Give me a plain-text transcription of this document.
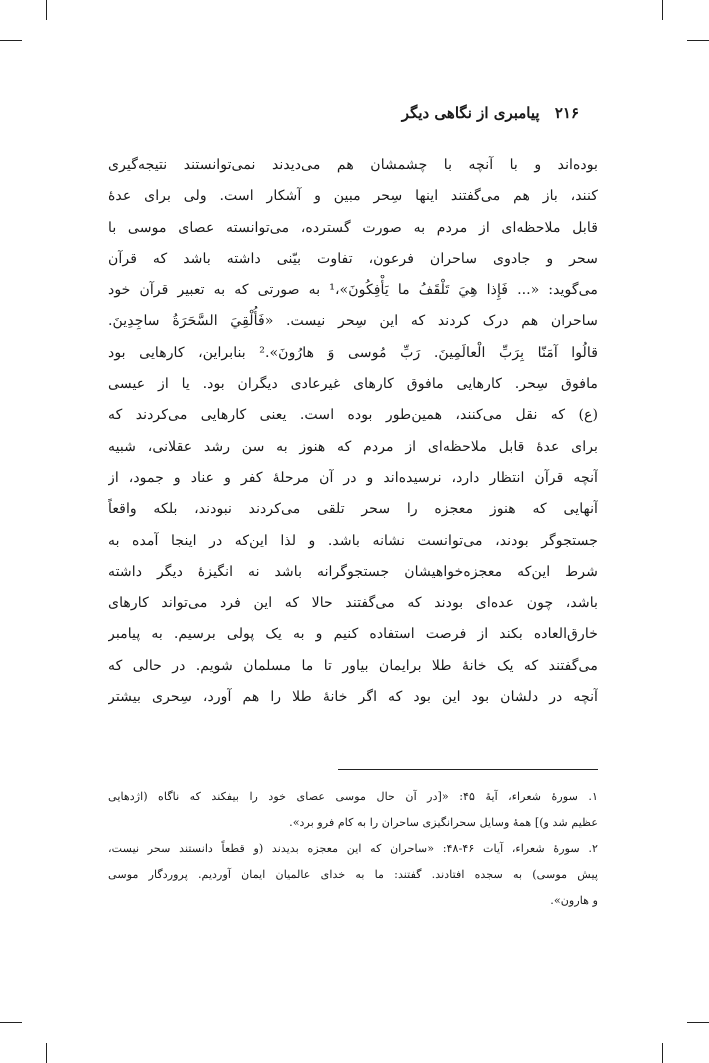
۲۱۶ پیامبری از نگاهی دیگر
بوده‌اند و با آنچه با چشمشان هم می‌دیدند نمی‌توانستند نتیجه‌گیری
کنند، باز هم می‌گفتند اینها سِحر مبین و آشکار است. ولی برای عدهٔ
قابل ملاحظه‌ای از مردم به صورت گسترده، می‌توانسته عصای موسی با
سحر و جادوی ساحران فرعون، تفاوت بیّنی داشته باشد که قرآن
می‌گوید: «... فَإِذا هِيَ تَلْقَفُ ما يَأْفِكُونَ»،¹ به صورتی که به تعبیر قرآن خود
ساحران هم درک کردند که این سِحر نیست. «فَأُلْقِيَ السَّحَرَةُ ساجِدِينَ.
قالُوا آمَنّا بِرَبِّ الْعالَمِينَ. رَبِّ مُوسى وَ هارُونَ».² بنابراین، کارهایی بود
مافوق سِحر. کارهایی مافوق کارهای غیرعادی دیگران بود. یا از عیسی
(ع) که نقل می‌کنند، همین‌طور بوده است. یعنی کارهایی می‌کردند که
برای عدهٔ قابل ملاحظه‌ای از مردم که هنوز به سن رشد عقلانی، شبیه
آنچه قرآن انتظار دارد، نرسیده‌اند و در آن مرحلهٔ کفر و عناد و جمود، از
آنهایی که هنوز معجزه را سحر تلقی می‌کردند نبودند، بلکه واقعاً
جستجوگر بودند، می‌توانست نشانه باشد. و لذا این‌که در اینجا آمده به
شرط این‌که معجزه‌خواهیشان جستجوگرانه باشد نه انگیزهٔ دیگر داشته
باشد، چون عده‌ای بودند که می‌گفتند حالا که این فرد می‌تواند کارهای
خارق‌العاده بکند از فرصت استفاده کنیم و به یک پولی برسیم. به پیامبر
می‌گفتند که یک خانهٔ طلا برایمان بیاور تا ما مسلمان شویم. در حالی که
آنچه در دلشان بود این بود که اگر خانهٔ طلا را هم آورد، سِحری بیشتر
۱. سورهٔ شعراء، آیهٔ ۴۵: «[در آن حال موسی عصای خود را بیفکند که ناگاه (اژدهایی
عظیم شد و)] همهٔ وسایل سحرانگیزی ساحران را به کام فرو برد».
۲. سورهٔ شعراء، آیات ۴۶-۴۸: «ساحران که این معجزه بدیدند (و قطعاً دانستند سحر نیست،
پیش موسی) به سجده افتادند. گفتند: ما به خدای عالمیان ایمان آوردیم. پروردگار موسی
و هارون».
